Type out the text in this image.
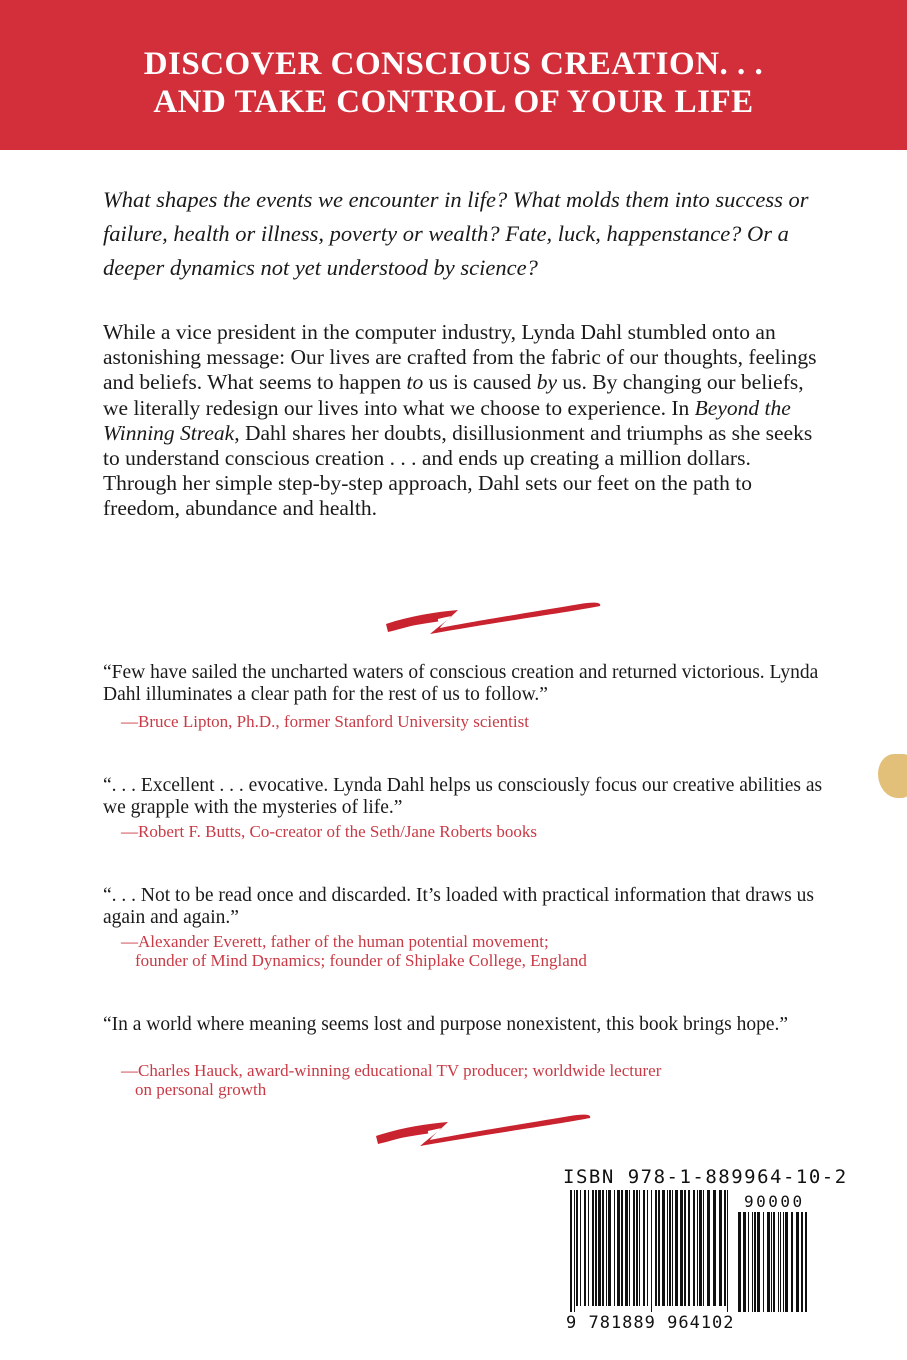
DISCOVER CONSCIOUS CREATION. . .
AND TAKE CONTROL OF YOUR LIFE

What shapes the events we encounter in life? What molds them into success or failure, health or illness, poverty or wealth? Fate, luck, happenstance? Or a deeper dynamics not yet understood by science?

While a vice president in the computer industry, Lynda Dahl stumbled onto an astonishing message: Our lives are crafted from the fabric of our thoughts, feelings and beliefs. What seems to happen to us is caused by us. By changing our beliefs, we literally redesign our lives into what we choose to experience. In Beyond the Winning Streak, Dahl shares her doubts, disillusionment and triumphs as she seeks to understand conscious creation . . . and ends up creating a million dollars. Through her simple step-by-step approach, Dahl sets our feet on the path to freedom, abundance and health.

“Few have sailed the uncharted waters of conscious creation and returned victorious. Lynda Dahl illuminates a clear path for the rest of us to follow.”

—Bruce Lipton, Ph.D., former Stanford University scientist

“. . . Excellent . . . evocative. Lynda Dahl helps us consciously focus our creative abilities as we grapple with the mysteries of life.”

—Robert F. Butts, Co-creator of the Seth/Jane Roberts books

“. . . Not to be read once and discarded. It’s loaded with practical information that draws us again and again.”

—Alexander Everett, father of the human potential movement;

founder of Mind Dynamics; founder of Shiplake College, England

“In a world where meaning seems lost and purpose nonexistent, this book brings hope.”

—Charles Hauck, award-winning educational TV producer; worldwide lecturer

on personal growth

ISBN 978-1-889964-10-2

90000

9 781889 964102
